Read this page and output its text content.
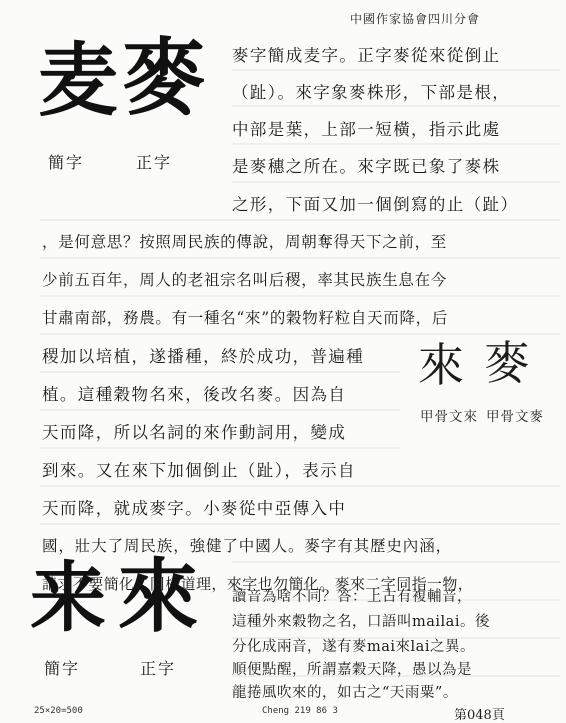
中國作家協會四川分會
麦 麥
簡字	正字
麥字簡成麦字。正字麥從來從倒止
（趾）。來字象麥株形，下部是根，
中部是葉，上部一短橫，指示此處
是麥穗之所在。來字既已象了麥株
之形，下面又加一個倒寫的止（趾）
，是何意思？按照周民族的傳說，周朝奪得天下之前，至
少前五百年，周人的老祖宗名叫后稷，率其民族生息在今
甘肅南部，務農。有一種名“來”的穀物籽粒自天而降，后
稷加以培植，遂播種，終於成功，普遍種
植。這種穀物名來，後改名麥。因為自
天而降，所以名詞的來作動詞用，變成
到來。又在來下加個倒止（趾），表示自
天而降，就成麥字。小麥從中亞傳入中
國，壯大了周民族，強健了中國人。麥字有其歷史內涵，
請求不要簡化。同樣道理，來字也勿簡化。麥來二字同指一物，
來 麥
甲骨文來 甲骨文麥
来 來
簡字	正字
25×20=500	Cheng 219 86 3	第048頁
讀音為啥不同？答：上古有複輔音，
這種外來穀物之名，口語叫mailai。後
分化成兩音，遂有麥mai來lai之異。
順便點醒，所謂嘉穀天降，愚以為是
龍捲風吹來的，如古之“天雨粟”。
